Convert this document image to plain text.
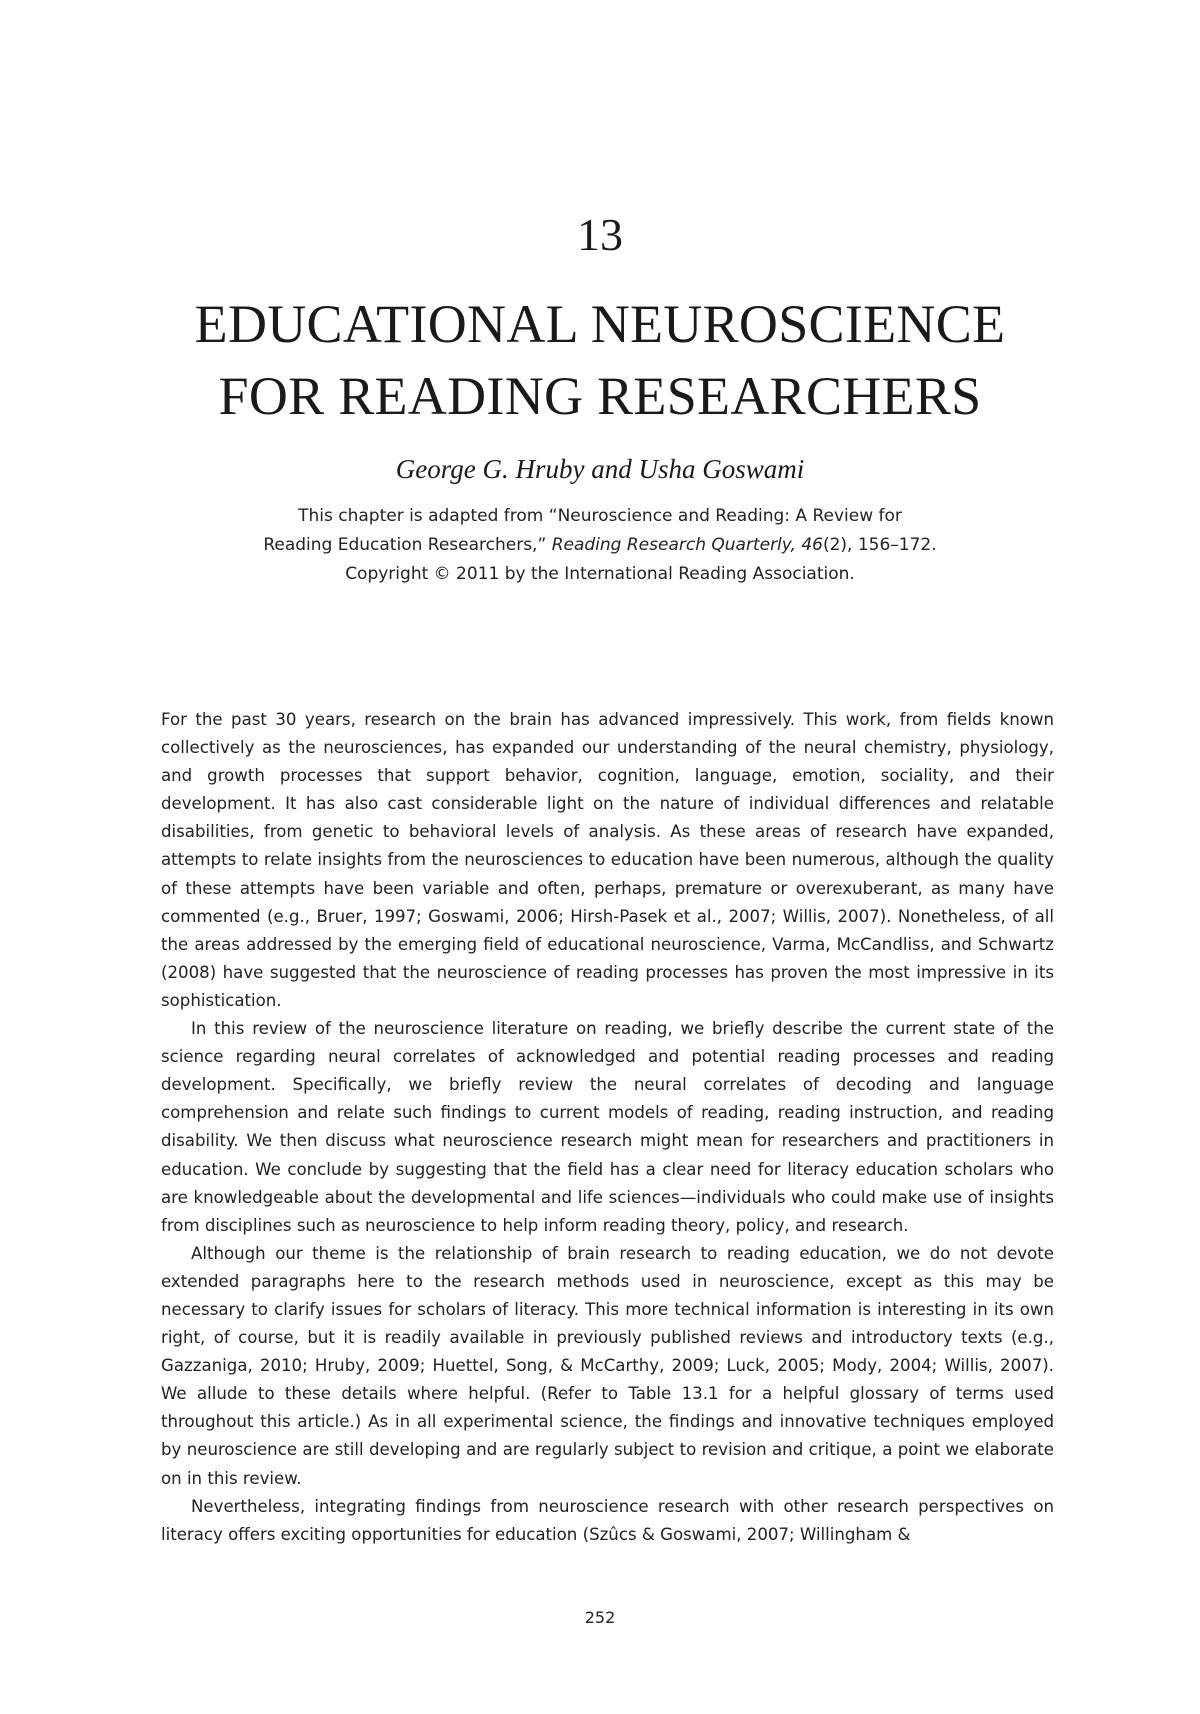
13
EDUCATIONAL NEUROSCIENCE
FOR READING RESEARCHERS
George G. Hruby and Usha Goswami
This chapter is adapted from “Neuroscience and Reading: A Review for
Reading Education Researchers,” Reading Research Quarterly, 46(2), 156–172.
Copyright © 2011 by the International Reading Association.

For the past 30 years, research on the brain has advanced impressively. This work, from fields known collectively as the neurosciences, has expanded our understanding of the neural chemistry, physiology, and growth processes that support behavior, cognition, language, emotion, sociality, and their development. It has also cast considerable light on the nature of individual differences and relatable disabilities, from genetic to behavioral levels of analysis. As these areas of research have expanded, attempts to relate insights from the neurosciences to education have been numerous, although the quality of these attempts have been variable and often, perhaps, premature or overexuberant, as many have commented (e.g., Bruer, 1997; Goswami, 2006; Hirsh-Pasek et al., 2007; Willis, 2007). Nonetheless, of all the areas addressed by the emerging field of educational neuroscience, Varma, McCandliss, and Schwartz (2008) have suggested that the neuroscience of reading processes has proven the most impressive in its sophistication.

In this review of the neuroscience literature on reading, we briefly describe the current state of the science regarding neural correlates of acknowledged and potential reading processes and reading development. Specifically, we briefly review the neural correlates of decoding and language comprehension and relate such findings to current models of reading, reading instruction, and reading disability. We then discuss what neuroscience research might mean for researchers and practitioners in education. We conclude by suggesting that the field has a clear need for literacy education scholars who are knowledgeable about the developmental and life sciences—individuals who could make use of insights from disciplines such as neuroscience to help inform reading theory, policy, and research.

Although our theme is the relationship of brain research to reading education, we do not devote extended paragraphs here to the research methods used in neuroscience, except as this may be necessary to clarify issues for scholars of literacy. This more technical information is interesting in its own right, of course, but it is readily available in previously published reviews and introductory texts (e.g., Gazzaniga, 2010; Hruby, 2009; Huettel, Song, & McCarthy, 2009; Luck, 2005; Mody, 2004; Willis, 2007). We allude to these details where helpful. (Refer to Table 13.1 for a helpful glossary of terms used throughout this article.) As in all experimental science, the findings and innovative techniques employed by neuroscience are still developing and are regularly subject to revision and critique, a point we elaborate on in this review.

Nevertheless, integrating findings from neuroscience research with other research perspectives on literacy offers exciting opportunities for education (Szûcs & Goswami, 2007; Willingham &

252
